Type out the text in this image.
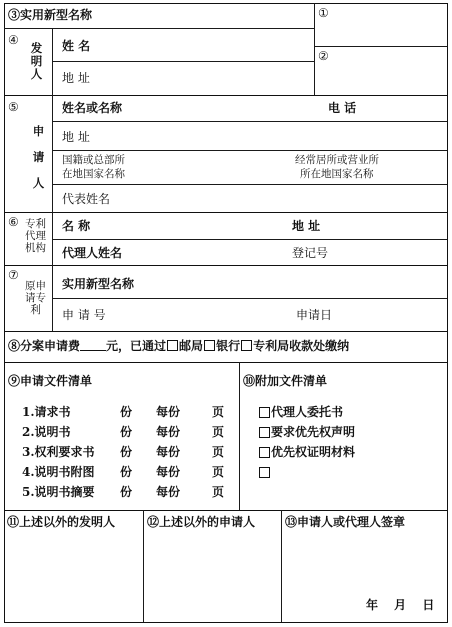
③实用新型名称	①
②
④
发明人
姓 名
地 址
⑤
申请人
姓名或名称	电 话
地 址
国籍或总部所
在地国家名称
经常居所或营业所
所在地国家名称
代表姓名
⑥ 专利代理机构
名 称	地 址
代理人姓名	登记号
⑦
原申请专利
实用新型名称
申 请 号	申请日
⑧分案申请费 元，已通过 邮局 银行 专利局收款处缴纳
⑨申请文件清单
1.请求书	份 每份	页
2.说明书	份 每份	页
3.权利要求书 份 每份	页
4.说明书附图 份 每份	页
5.说明书摘要 份 每份	页
⑩附加文件清单
代理人委托书
要求优先权声明
优先权证明材料
⑪上述以外的发明人	⑫上述以外的申请人 ⑬申请人或代理人签章
年 月 日
